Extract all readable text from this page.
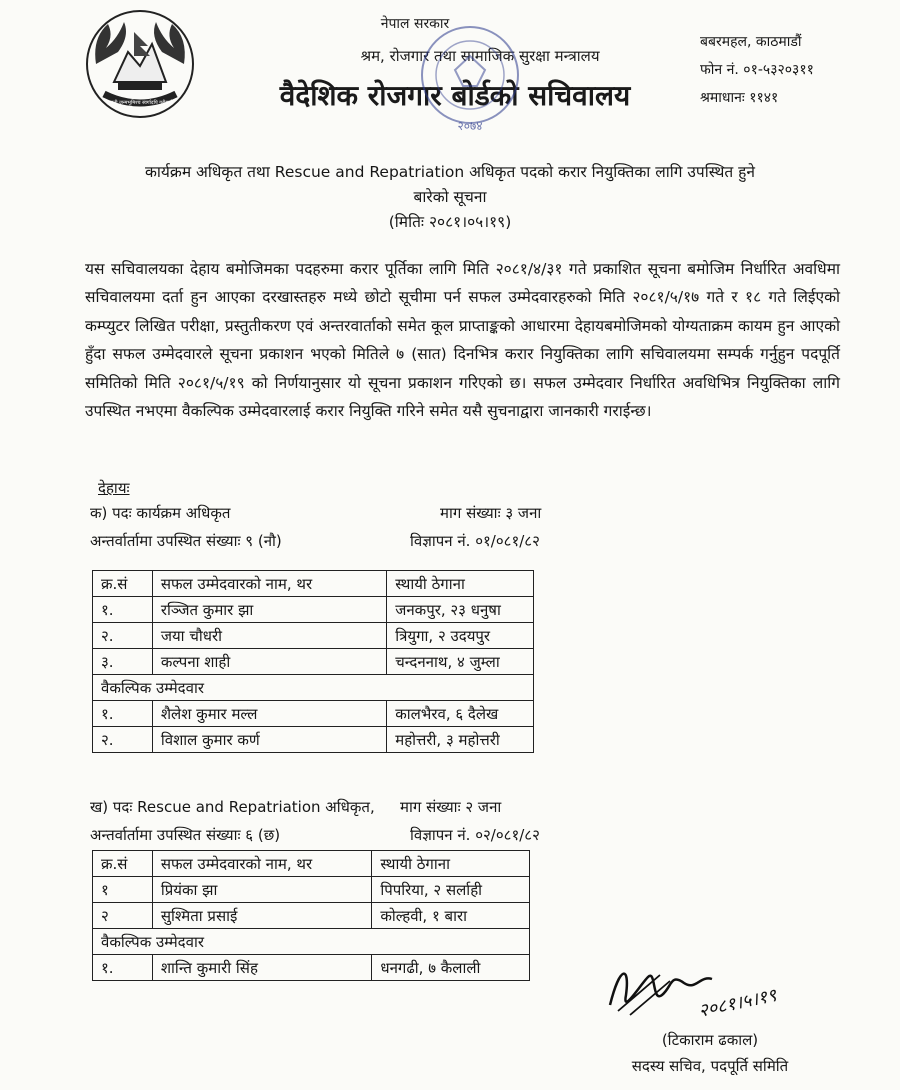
जननी जन्मभूमिश्च स्वर्गादपि गरीयसी
नेपाल सरकार
श्रम, रोजगार तथा सामाजिक सुरक्षा मन्त्रालय
वैदेशिक रोजगार बोर्डको सचिवालय
२०७४
बबरमहल, काठमाडौं
फोन नं. ०१-५३२०३११
श्रमाधानः ११४१
कार्यक्रम अधिकृत तथा Rescue and Repatriation अधिकृत पदको करार नियुक्तिका लागि उपस्थित हुने
बारेको सूचना
(मितिः २०८१।०५।१९)
यस सचिवालयका देहाय बमोजिमका पदहरुमा करार पूर्तिका लागि मिति २०८१/४/३१ गते प्रकाशित सूचना बमोजिम निर्धारित अवधिमा सचिवालयमा दर्ता हुन आएका दरखास्तहरु मध्ये छोटो सूचीमा पर्न सफल उम्मेदवारहरुको मिति २०८१/५/१७ गते र १८ गते लिईएको कम्प्युटर लिखित परीक्षा, प्रस्तुतीकरण एवं अन्तरवार्ताको समेत कूल प्राप्ताङ्कको आधारमा देहायबमोजिमको योग्यताक्रम कायम हुन आएको हुँदा सफल उम्मेदवारले सूचना प्रकाशन भएको मितिले ७ (सात) दिनभित्र करार नियुक्तिका लागि सचिवालयमा सम्पर्क गर्नुहुन पदपूर्ति समितिको मिति २०८१/५/१९ को निर्णयानुसार यो सूचना प्रकाशन गरिएको छ। सफल उम्मेदवार निर्धारित अवधिभित्र नियुक्तिका लागि उपस्थित नभएमा वैकल्पिक उम्मेदवारलाई करार नियुक्ति गरिने समेत यसै सुचनाद्वारा जानकारी गराईन्छ।
देहायः
क) पदः कार्यक्रम अधिकृत	माग संख्याः ३ जना
अन्तर्वार्तामा उपस्थित संख्याः ९ (नौ)	विज्ञापन नं. ०१/०८१/८२
क्र.सं	सफल उम्मेदवारको नाम, थर	स्थायी ठेगाना
१.	रञ्जित कुमार झा	जनकपुर, २३ धनुषा
२.	जया चौधरी	त्रियुगा, २ उदयपुर
३.	कल्पना शाही	चन्दननाथ, ४ जुम्ला
वैकल्पिक उम्मेदवार		
१.	शैलेश कुमार मल्ल	कालभैरव, ६ दैलेख
२.	विशाल कुमार कर्ण	महोत्तरी, ३ महोत्तरी
ख) पदः Rescue and Repatriation अधिकृत, माग संख्याः २ जना
अन्तर्वार्तामा उपस्थित संख्याः ६ (छ)	विज्ञापन नं. ०२/०८१/८२
क्र.सं	सफल उम्मेदवारको नाम, थर	स्थायी ठेगाना
१	प्रियंका झा	पिपरिया, २ सर्लाही
२	सुश्मिता प्रसाई	कोल्हवी, १ बारा
वैकल्पिक उम्मेदवार		
१.	शान्ति कुमारी सिंह	धनगढी, ७ कैलाली
२०८१।५।१९
(टिकाराम ढकाल)
सदस्य सचिव, पदपूर्ति समिति
